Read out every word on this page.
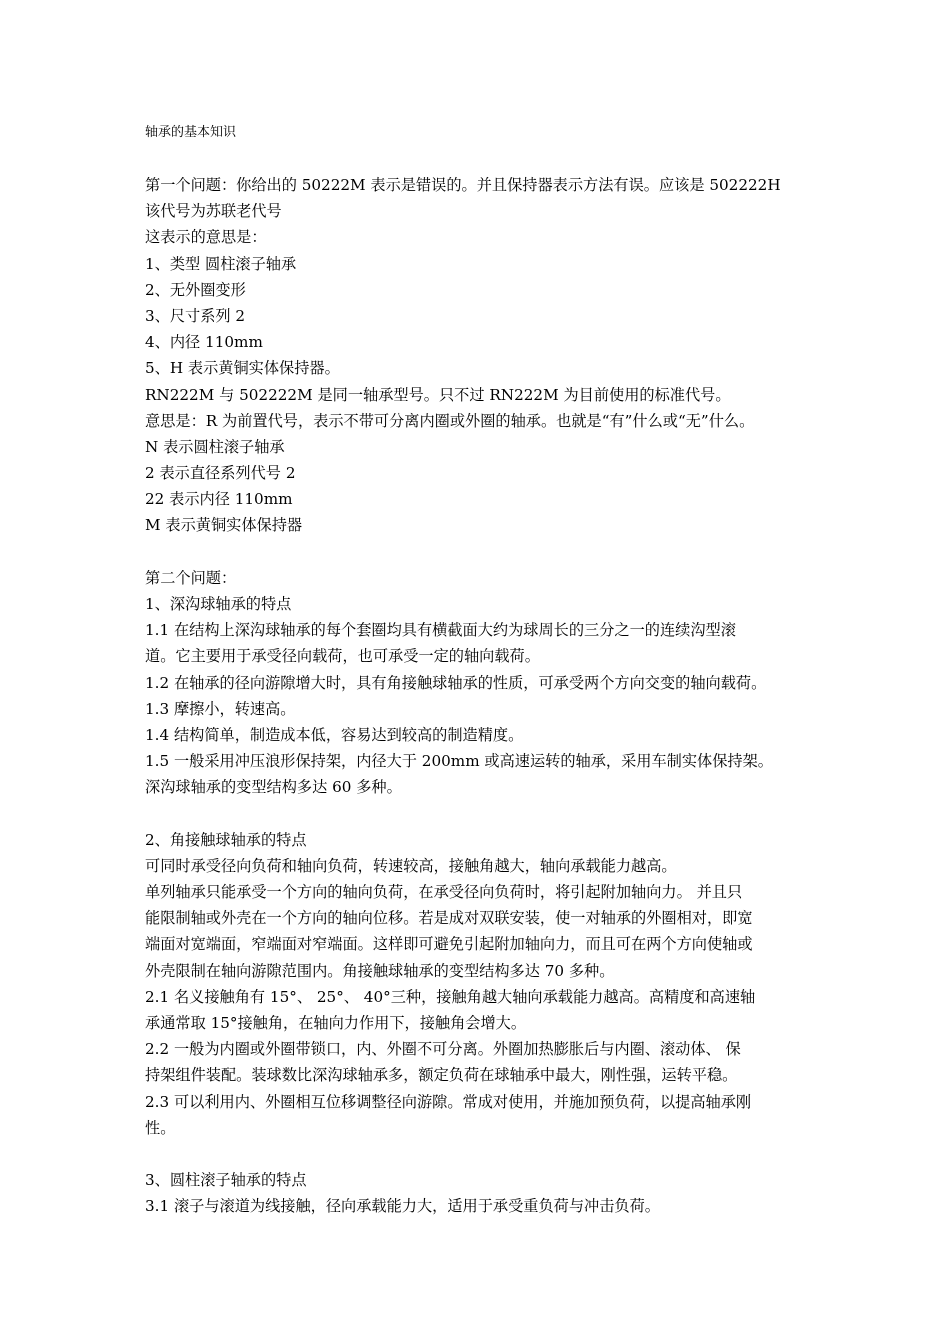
轴承的基本知识
第一个问题：你给出的 50222M 表示是错误的。并且保持器表示方法有误。应该是 502222H
该代号为苏联老代号
这表示的意思是：
1、类型 圆柱滚子轴承
2、无外圈变形
3、尺寸系列 2
4、内径 110mm
5、H 表示黄铜实体保持器。
RN222M 与 502222M 是同一轴承型号。只不过 RN222M 为目前使用的标准代号。
意思是：R 为前置代号，表示不带可分离内圈或外圈的轴承。也就是“有”什么或“无”什么。
N 表示圆柱滚子轴承
2 表示直径系列代号 2
22 表示内径 110mm
M 表示黄铜实体保持器
第二个问题：
1、深沟球轴承的特点
1.1 在结构上深沟球轴承的每个套圈均具有横截面大约为球周长的三分之一的连续沟型滚
道。它主要用于承受径向载荷，也可承受一定的轴向载荷。
1.2 在轴承的径向游隙增大时，具有角接触球轴承的性质，可承受两个方向交变的轴向载荷。
1.3 摩擦小，转速高。
1.4 结构简单，制造成本低，容易达到较高的制造精度。
1.5 一般采用冲压浪形保持架，内径大于 200mm 或高速运转的轴承，采用车制实体保持架。
深沟球轴承的变型结构多达 60 多种。
2、角接触球轴承的特点
可同时承受径向负荷和轴向负荷，转速较高，接触角越大，轴向承载能力越高。
单列轴承只能承受一个方向的轴向负荷，在承受径向负荷时，将引起附加轴向力。 并且只
能限制轴或外壳在一个方向的轴向位移。若是成对双联安装，使一对轴承的外圈相对，即宽
端面对宽端面，窄端面对窄端面。这样即可避免引起附加轴向力，而且可在两个方向使轴或
外壳限制在轴向游隙范围内。角接触球轴承的变型结构多达 70 多种。
2.1 名义接触角有 15°、 25°、 40°三种，接触角越大轴向承载能力越高。高精度和高速轴
承通常取 15°接触角，在轴向力作用下，接触角会增大。
2.2 一般为内圈或外圈带锁口，内、外圈不可分离。外圈加热膨胀后与内圈、滚动体、 保
持架组件装配。装球数比深沟球轴承多，额定负荷在球轴承中最大，刚性强，运转平稳。
2.3 可以利用内、外圈相互位移调整径向游隙。常成对使用，并施加预负荷，以提高轴承刚
性。
3、圆柱滚子轴承的特点
3.1 滚子与滚道为线接触，径向承载能力大，适用于承受重负荷与冲击负荷。
